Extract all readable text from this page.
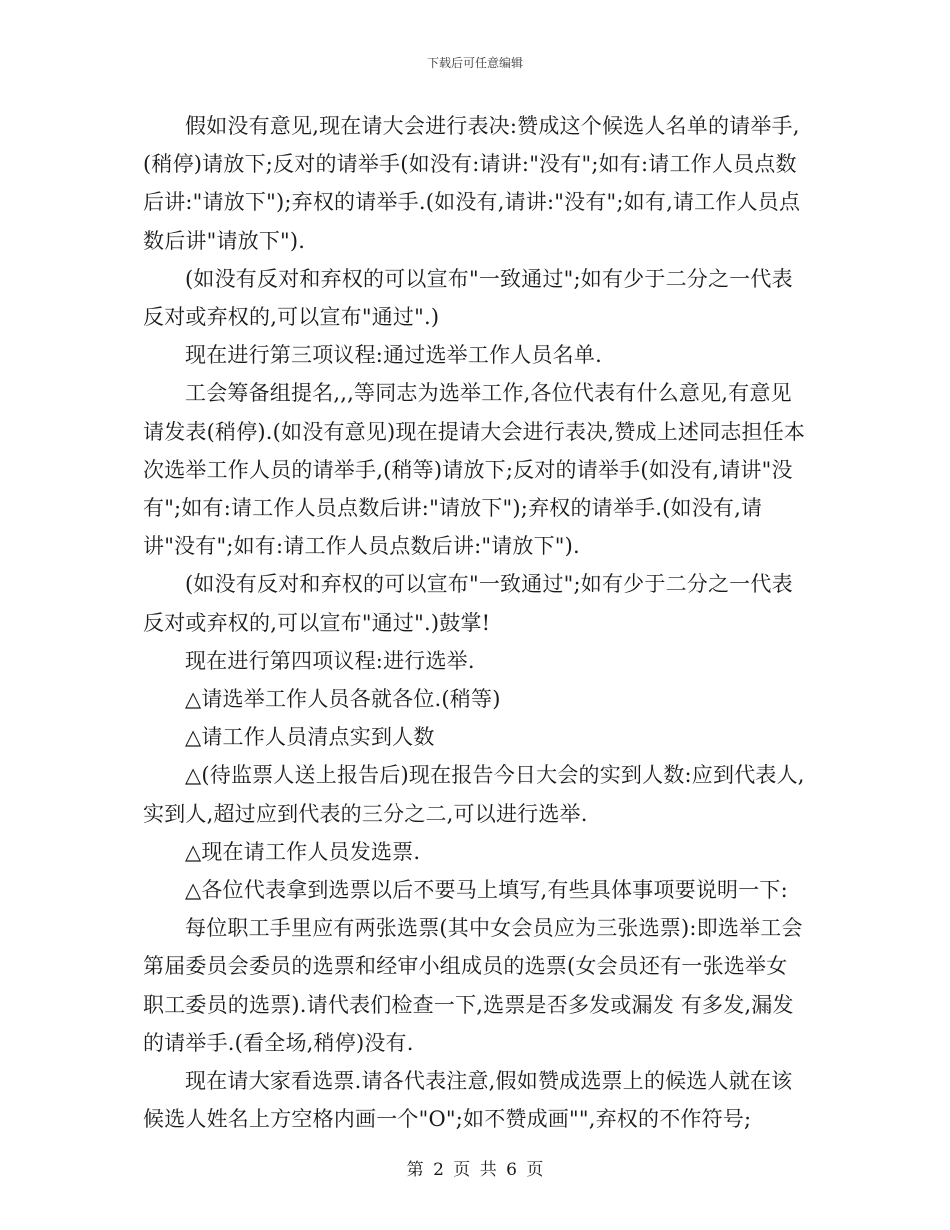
下载后可任意编辑

假如没有意见,现在请大会进行表决:赞成这个候选人名单的请举手,(稍停)请放下;反对的请举手(如没有:请讲:"没有";如有:请工作人员点数后讲:"请放下");弃权的请举手.(如没有,请讲:"没有";如有,请工作人员点数后讲"请放下").

(如没有反对和弃权的可以宣布"一致通过";如有少于二分之一代表反对或弃权的,可以宣布"通过".)

现在进行第三项议程:通过选举工作人员名单.

工会筹备组提名,,,等同志为选举工作,各位代表有什么意见,有意见请发表(稍停).(如没有意见)现在提请大会进行表决,赞成上述同志担任本次选举工作人员的请举手,(稍等)请放下;反对的请举手(如没有,请讲"没有";如有:请工作人员点数后讲:"请放下");弃权的请举手.(如没有,请讲"没有";如有:请工作人员点数后讲:"请放下").

(如没有反对和弃权的可以宣布"一致通过";如有少于二分之一代表反对或弃权的,可以宣布"通过".)鼓掌!

现在进行第四项议程:进行选举.

△请选举工作人员各就各位.(稍等)

△请工作人员清点实到人数

△(待监票人送上报告后)现在报告今日大会的实到人数:应到代表人,实到人,超过应到代表的三分之二,可以进行选举.

△现在请工作人员发选票.

△各位代表拿到选票以后不要马上填写,有些具体事项要说明一下:

每位职工手里应有两张选票(其中女会员应为三张选票):即选举工会第届委员会委员的选票和经审小组成员的选票(女会员还有一张选举女职工委员的选票).请代表们检查一下,选票是否多发或漏发 有多发,漏发的请举手.(看全场,稍停)没有.

现在请大家看选票.请各代表注意,假如赞成选票上的候选人就在该候选人姓名上方空格内画一个"O";如不赞成画"",弃权的不作符号;

第 2 页 共 6 页
